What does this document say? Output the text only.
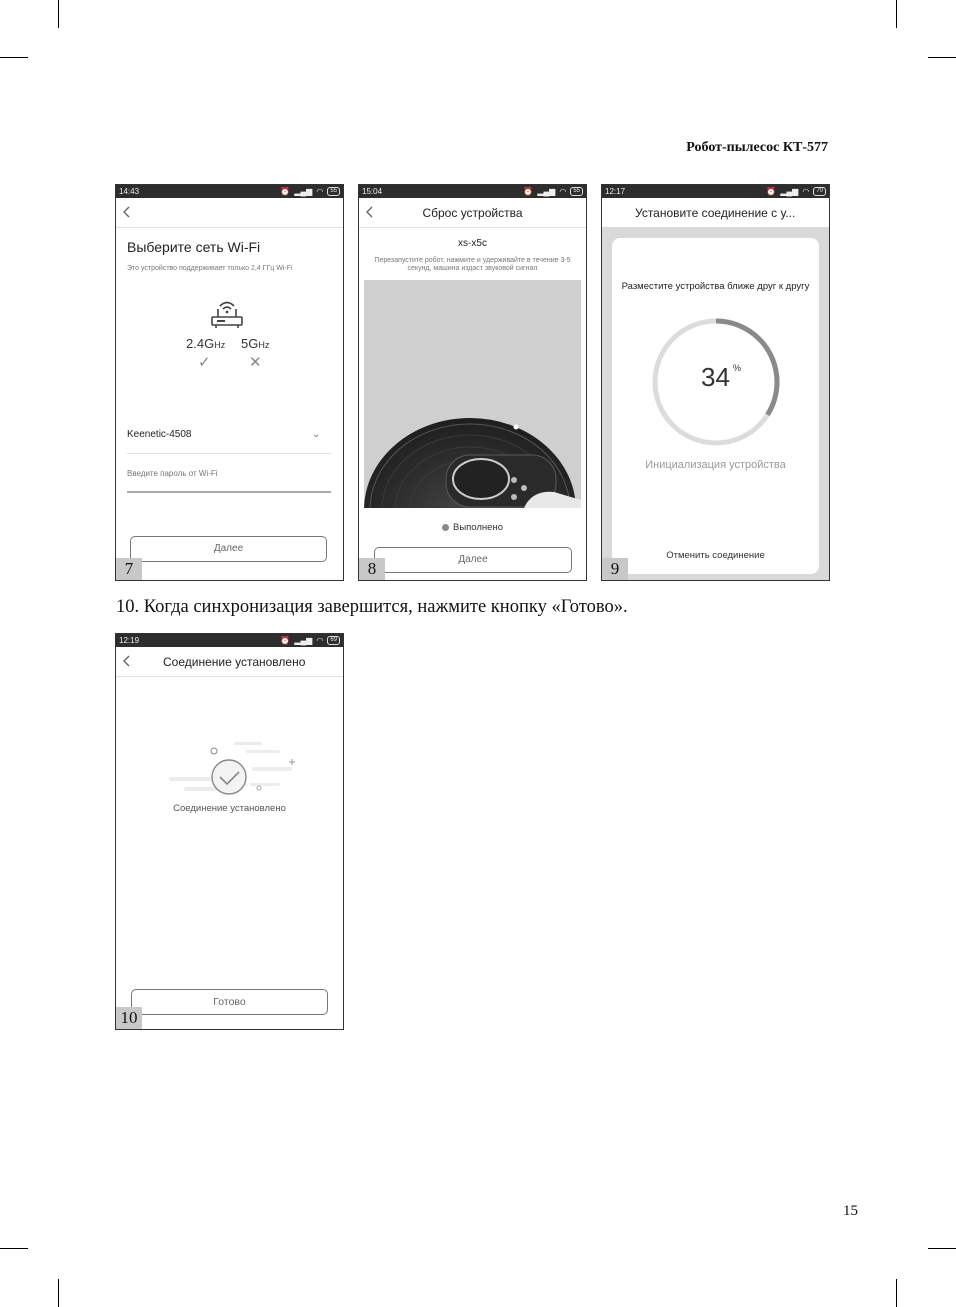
Робот-пылесос КТ-577
14:43	⏰ ▂▄▆ ◠	55
Выберите сеть Wi-Fi
Это устройство поддерживает только 2,4 ГГц Wi-Fi
2.4GHz 5GHz
✓	✕
Keenetic-4508	⌄
Введите пароль от Wi-Fi
Далее
7
15:04	⏰ ▂▄▆ ◠	55
Сброс устройства
xs-x5c
Перезапустите робот, нажмите и удерживайте в течение 3-5 секунд, машина издаст звуковой сигнал
Выполнено
Далее
8
12:17	⏰ ▂▄▆ ◠	70
Установите соединение с у...
Разместите устройства ближе друг к другу
34 %
Инициализация устройства
Отменить соединение
9
10. Когда синхронизация завершится, нажмите кнопку «Готово».
12:19	⏰ ▂▄▆ ◠	69
Соединение установлено
Соединение установлено
Готово
10
15
